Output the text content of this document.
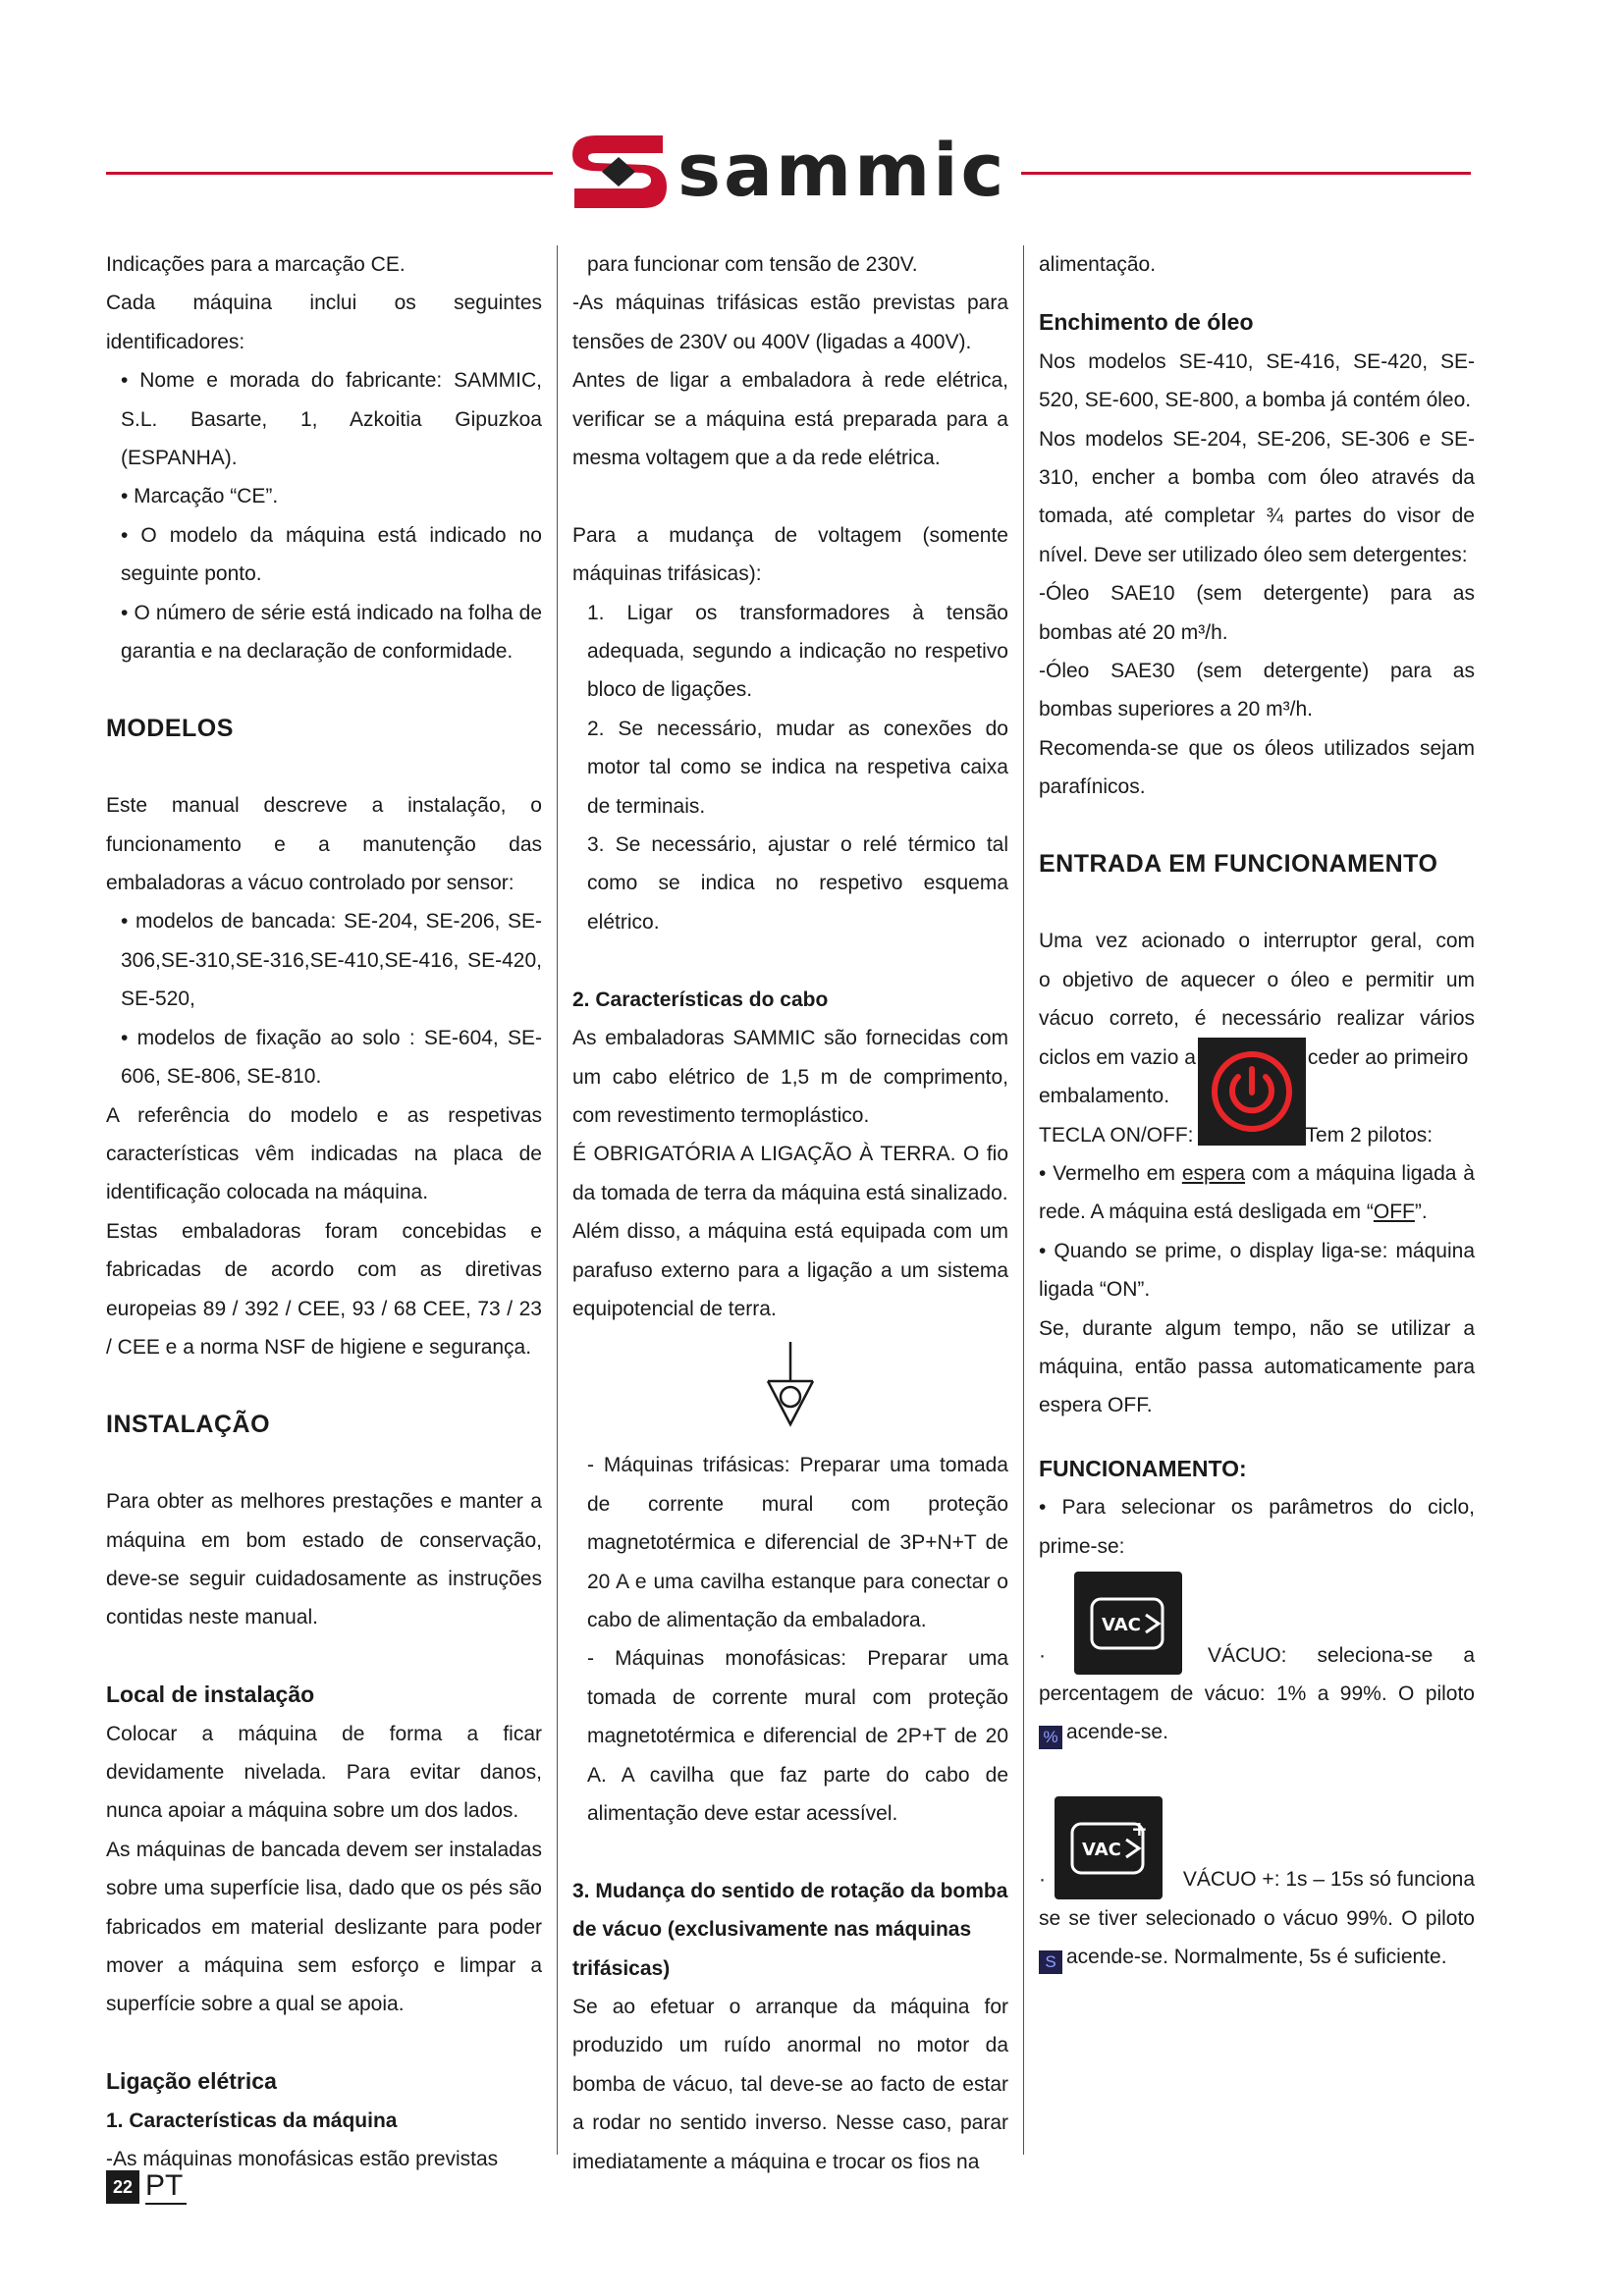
sammic

Indicações para a marcação CE.

Cada máquina inclui os seguintes identificadores:

• Nome e morada do fabricante: SAMMIC, S.L. Basarte, 1, Azkoitia Gipuzkoa (ESPANHA).

• Marcação “CE”.

• O modelo da máquina está indicado no seguinte ponto.

• O número de série está indicado na folha de garantia e na declaração de conformidade.

MODELOS

Este manual descreve a instalação, o funcionamento e a manutenção das embaladoras a vácuo controlado por sensor:

• modelos de bancada: SE-204, SE-206, SE-306,SE-310,SE-316,SE-410,SE-416, SE-420, SE-520,

• modelos de fixação ao solo : SE-604, SE-606, SE-806, SE-810.

A referência do modelo e as respetivas características vêm indicadas na placa de identificação colocada na máquina.

Estas embaladoras foram concebidas e fabricadas de acordo com as diretivas europeias 89 / 392 / CEE, 93 / 68 CEE, 73 / 23 / CEE e a norma NSF de higiene e segurança.

INSTALAÇÃO

Para obter as melhores prestações e manter a máquina em bom estado de conservação, deve-se seguir cuidadosamente as instruções contidas neste manual.

Local de instalação

Colocar a máquina de forma a ficar devidamente nivelada. Para evitar danos, nunca apoiar a máquina sobre um dos lados.

As máquinas de bancada devem ser instaladas sobre uma superfície lisa, dado que os pés são fabricados em material deslizante para poder mover a máquina sem esforço e limpar a superfície sobre a qual se apoia.

Ligação elétrica
1. Características da máquina

-As máquinas monofásicas estão previstas

para funcionar com tensão de 230V.

-As máquinas trifásicas estão previstas para tensões de 230V ou 400V (ligadas a 400V).

Antes de ligar a embaladora à rede elétrica, verificar se a máquina está preparada para a mesma voltagem que a da rede elétrica.

Para a mudança de voltagem (somente máquinas trifásicas):

1. Ligar os transformadores à tensão adequada, segundo a indicação no respetivo bloco de ligações.

2. Se necessário, mudar as conexões do motor tal como se indica na respetiva caixa de terminais.

3. Se necessário, ajustar o relé térmico tal como se indica no respetivo esquema elétrico.

2. Características do cabo

As embaladoras SAMMIC são fornecidas com um cabo elétrico de 1,5 m de comprimento, com revestimento termoplástico.

É OBRIGATÓRIA A LIGAÇÃO À TERRA. O fio da tomada de terra da máquina está sinalizado.

Além disso, a máquina está equipada com um parafuso externo para a ligação a um sistema equipotencial de terra.

- Máquinas trifásicas: Preparar uma tomada de corrente mural com proteção magnetotérmica e diferencial de 3P+N+T de 20 A e uma cavilha estanque para conectar o cabo de alimentação da embaladora.

- Máquinas monofásicas: Preparar uma tomada de corrente mural com proteção magnetotérmica e diferencial de 2P+T de 20 A. A cavilha que faz parte do cabo de alimentação deve estar acessível.

3. Mudança do sentido de rotação da bomba de vácuo (exclusivamente nas máquinas trifásicas)

Se ao efetuar o arranque da máquina for produzido um ruído anormal no motor da bomba de vácuo, tal deve-se ao facto de estar a rodar no sentido inverso. Nesse caso, parar imediatamente a máquina e trocar os fios na

alimentação.

Enchimento de óleo

Nos modelos SE-410, SE-416, SE-420, SE-520, SE-600, SE-800, a bomba já contém óleo.

Nos modelos SE-204, SE-206, SE-306 e SE-310, encher a bomba com óleo através da tomada, até completar ¾ partes do visor de nível. Deve ser utilizado óleo sem detergentes:

-Óleo SAE10 (sem detergente) para as bombas até 20 m³/h.

-Óleo SAE30 (sem detergente) para as bombas superiores a 20 m³/h.

Recomenda-se que os óleos utilizados sejam parafínicos.

ENTRADA EM FUNCIONAMENTO

Uma vez acionado o interruptor geral, com

o objetivo de aquecer o óleo e permitir um

vácuo correto, é necessário realizar vários

ciclos em vazio a	ceder ao primeiro

embalamento.

TECLA ON/OFF:	Tem 2 pilotos:

• Vermelho em espera com a máquina ligada à rede. A máquina está desligada em “OFF”.

• Quando se prime, o display liga-se: máquina ligada “ON”.

Se, durante algum tempo, não se utilizar a máquina, então passa automaticamente para espera OFF.

FUNCIONAMENTO:

• Para selecionar os parâmetros do ciclo, prime-se:

·
VAC
VÁCUO: seleciona-se a

percentagem de vácuo: 1% a 99%. O piloto

% acende-se.

·
VAC
+
VÁCUO +: 1s – 15s só funciona

se se tiver selecionado o vácuo 99%. O piloto

S acende-se. Normalmente, 5s é suficiente.

22 PT
